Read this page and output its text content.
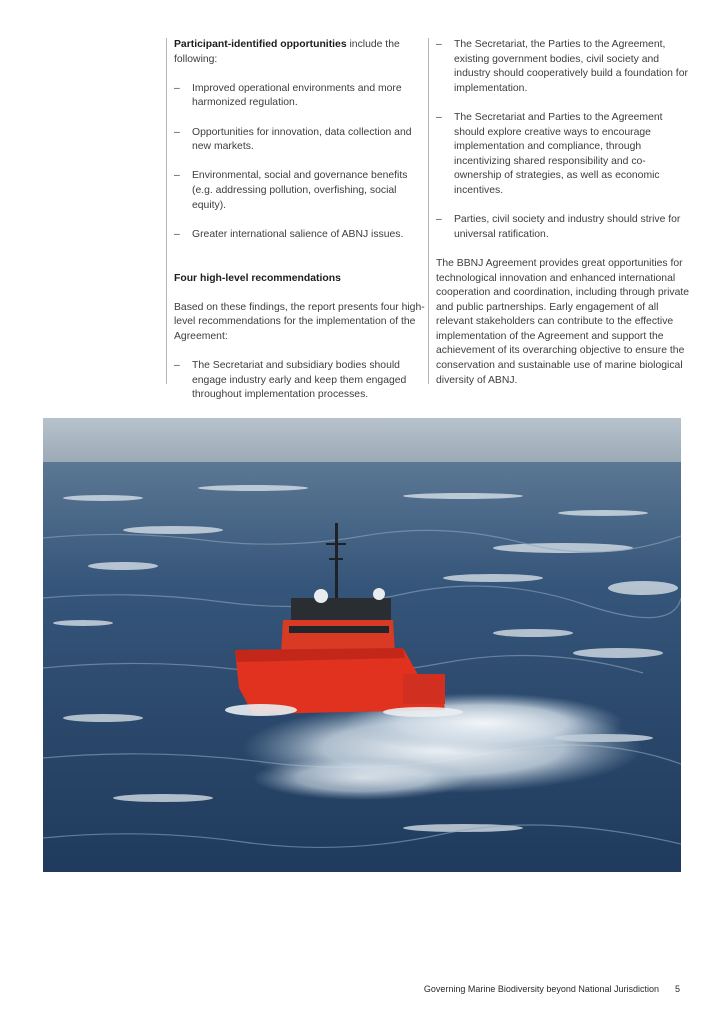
Participant-identified opportunities include the following:

– Improved operational environments and more harmonized regulation.
– Opportunities for innovation, data collection and new markets.
– Environmental, social and governance benefits (e.g. addressing pollution, overfishing, social equity).
– Greater international salience of ABNJ issues.
Four high-level recommendations

Based on these findings, the report presents four high-level recommendations for the implementation of the Agreement:

– The Secretariat and subsidiary bodies should engage industry early and keep them engaged throughout implementation processes.
– The Secretariat, the Parties to the Agreement, existing government bodies, civil society and industry should cooperatively build a foundation for implementation.
– The Secretariat and Parties to the Agreement should explore creative ways to encourage implementation and compliance, through incentivizing shared responsibility and co-ownership of strategies, as well as economic incentives.
– Parties, civil society and industry should strive for universal ratification.

The BBNJ Agreement provides great opportunities for technological innovation and enhanced international cooperation and coordination, including through private and public partnerships. Early engagement of all relevant stakeholders can contribute to the effective implementation of the Agreement and support the achievement of its overarching objective to ensure the conservation and sustainable use of marine biological diversity of ABNJ.

Governing Marine Biodiversity beyond National Jurisdiction 5
